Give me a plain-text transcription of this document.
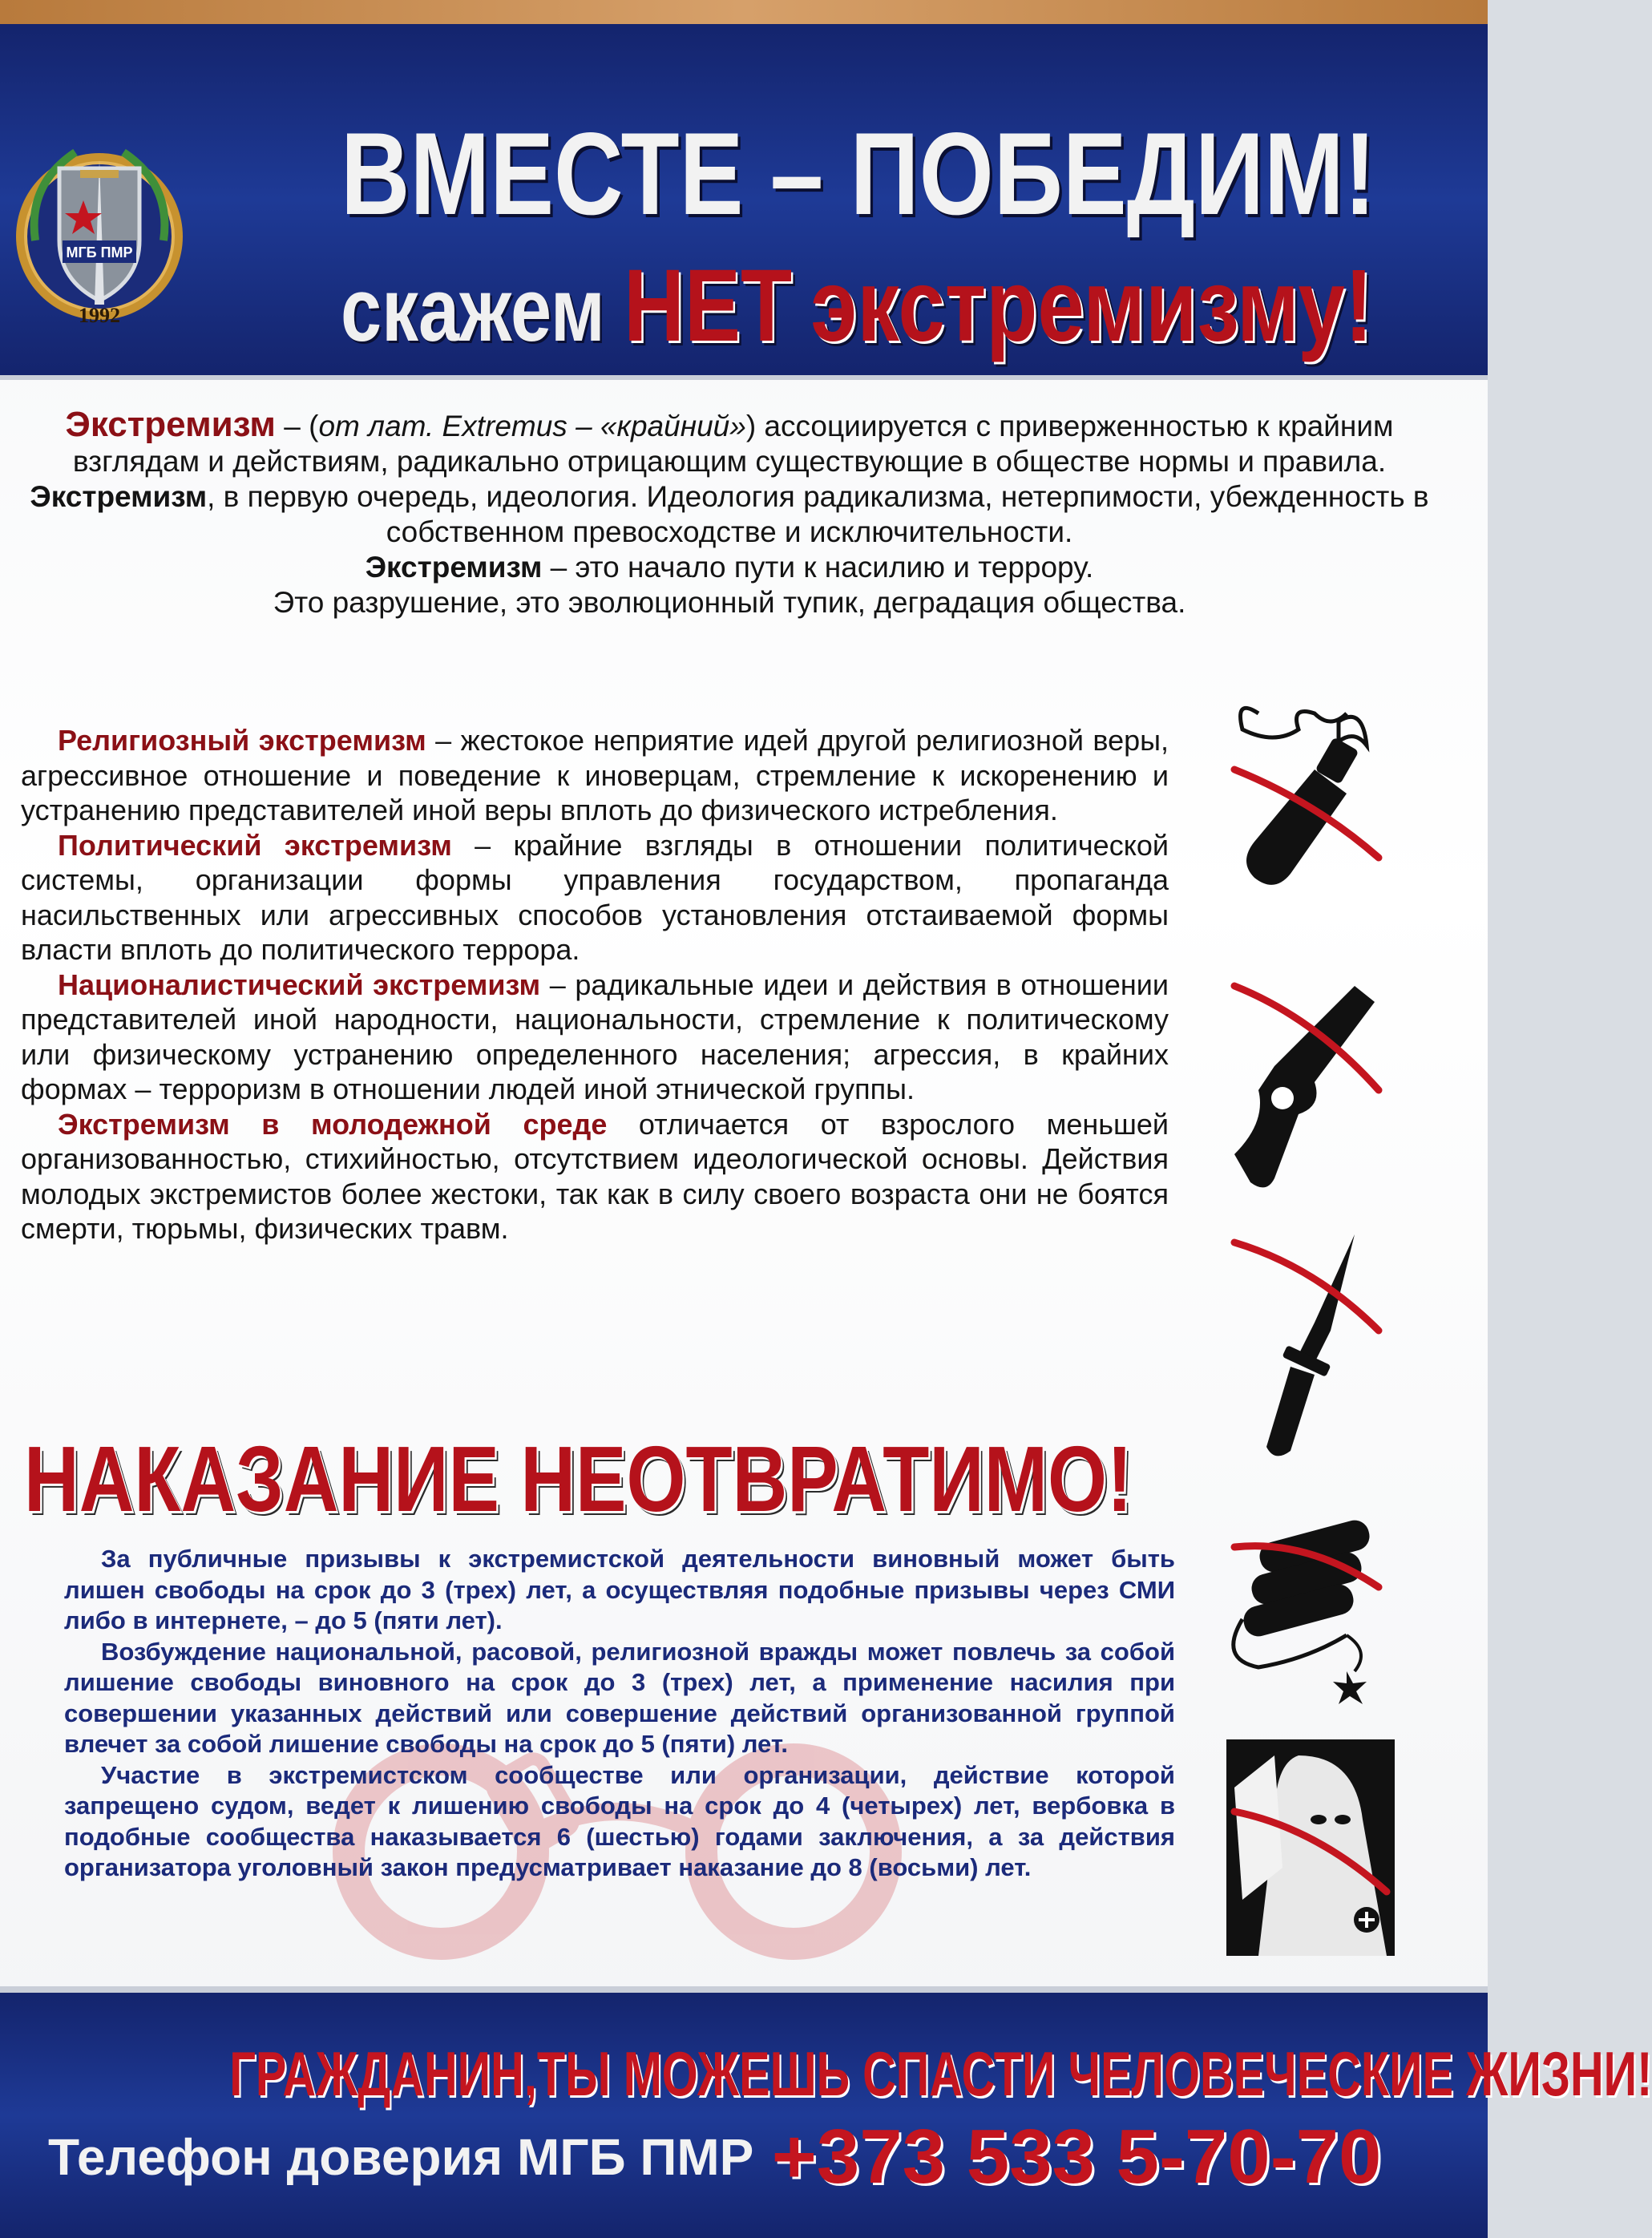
МГБ ПМР
1992
ВМЕСТЕ – ПОБЕДИМ!
скажем НЕТ экстремизму!
Экстремизм – (от лат. Extremus – «крайний») ассоциируется с приверженностью к крайним взглядам и действиям, радикально отрицающим существующие в обществе нормы и правила.
Экстремизм, в первую очередь, идеология. Идеология радикализма, нетерпимости, убежденность в собственном превосходстве и исключительности.
Экстремизм – это начало пути к насилию и террору.
Это разрушение, это эволюционный тупик, деградация общества.

Религиозный экстремизм – жестокое неприятие идей другой религиозной веры, агрессивное отношение и поведение к иноверцам, стремление к искоренению и устранению представителей иной веры вплоть до физического истребления.

Политический экстремизм – крайние взгляды в отношении политической системы, организации формы управления государством, пропаганда насильственных или агрессивных способов установления отстаиваемой формы власти вплоть до политического террора.

Националистический экстремизм – радикальные идеи и действия в отношении представителей иной народности, национальности, стремление к политическому или физическому устранению определенного населения; агрессия, в крайних формах – терроризм в отношении людей иной этнической группы.

Экстремизм в молодежной среде отличается от взрослого меньшей организованностью, стихийностью, отсутствием идеологической основы. Действия молодых экстремистов более жестоки, так как в силу своего возраста они не боятся смерти, тюрьмы, физических травм.

НАКАЗАНИЕ НЕОТВРАТИМО!

За публичные призывы к экстремистской деятельности виновный может быть лишен свободы на срок до 3 (трех) лет, а осуществляя подобные призывы через СМИ либо в интернете, – до 5 (пяти лет).

Возбуждение национальной, расовой, религиозной вражды может повлечь за собой лишение свободы виновного на срок до 3 (трех) лет, а применение насилия при совершении указанных действий или совершение действий организованной группой влечет за собой лишение свободы на срок до 5 (пяти) лет.

Участие в экстремистском сообществе или организации, действие которой запрещено судом, ведет к лишению свободы на срок до 4 (четырех) лет, вербовка в подобные сообщества наказывается 6 (шестью) годами заключения, а за действия организатора уголовный закон предусматривает наказание до 8 (восьми) лет.

ГРАЖДАНИН,ТЫ МОЖЕШЬ СПАСТИ ЧЕЛОВЕЧЕСКИЕ ЖИЗНИ!
Телефон доверия МГБ ПМР +373 533 5-70-70
